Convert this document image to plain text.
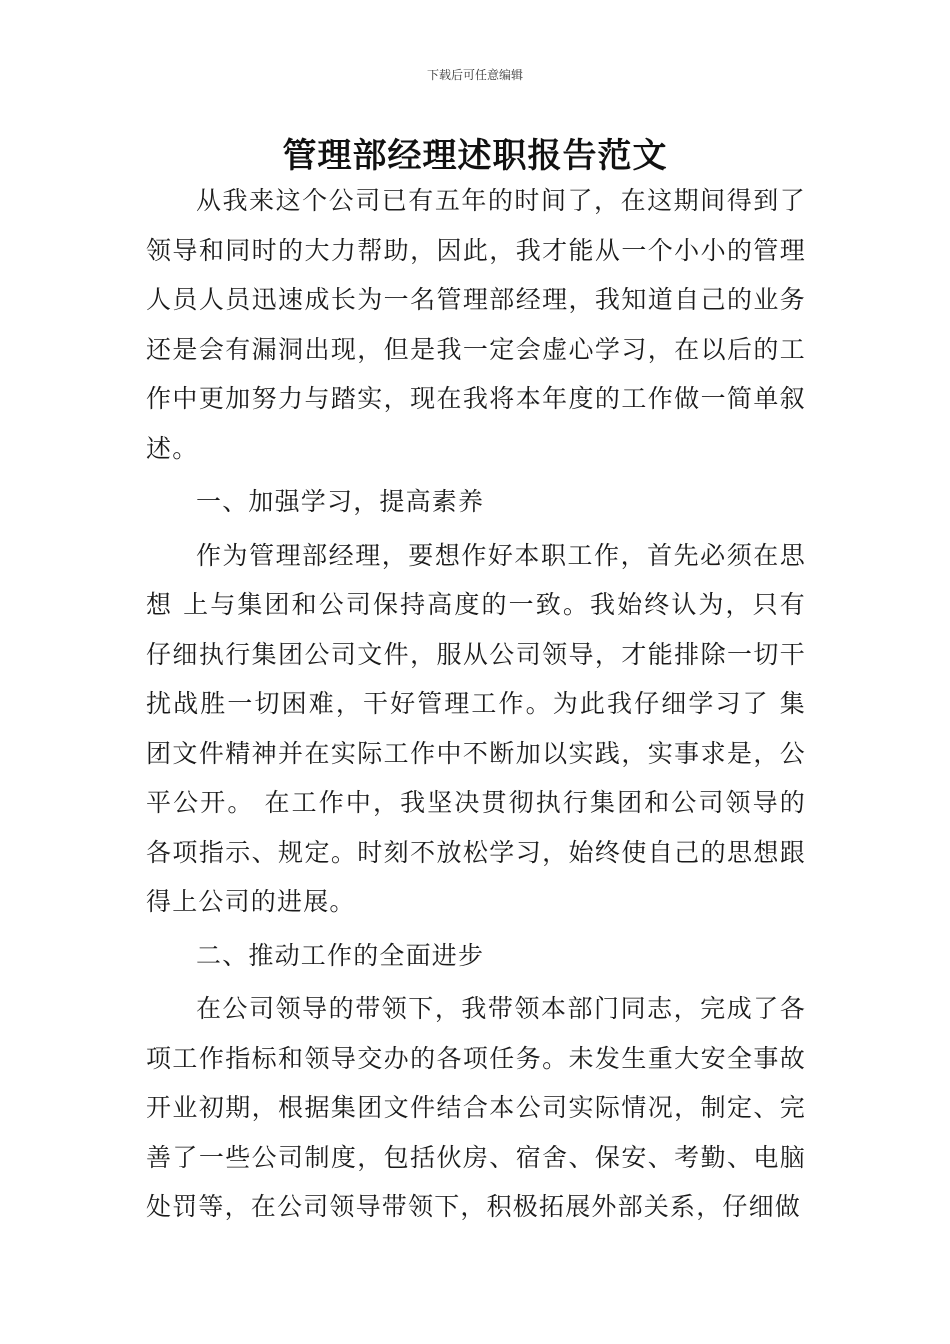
下载后可任意编辑
管理部经理述职报告范文

从我来这个公司已有五年的时间了，在这期间得到了领导和同时的大力帮助，因此，我才能从一个小小的管理人员人员迅速成长为一名管理部经理，我知道自己的业务还是会有漏洞出现，但是我一定会虚心学习，在以后的工作中更加努力与踏实，现在我将本年度的工作做一简单叙述。

一、加强学习，提高素养

作为管理部经理，要想作好本职工作，首先必须在思想 上与集团和公司保持高度的一致。我始终认为，只有仔细执行集团公司文件，服从公司领导，才能排除一切干扰战胜一切困难，干好管理工作。为此我仔细学习了 集团文件精神并在实际工作中不断加以实践，实事求是，公平公开。 在工作中，我坚决贯彻执行集团和公司领导的各项指示、规定。时刻不放松学习，始终使自己的思想跟得上公司的进展。

二、推动工作的全面进步

在公司领导的带领下，我带领本部门同志，完成了各项工作指标和领导交办的各项任务。未发生重大安全事故开业初期，根据集团文件结合本公司实际情况，制定、完善了一些公司制度，包括伙房、宿舍、保安、考勤、电脑处罚等，在公司领导带领下，积极拓展外部关系，仔细做
